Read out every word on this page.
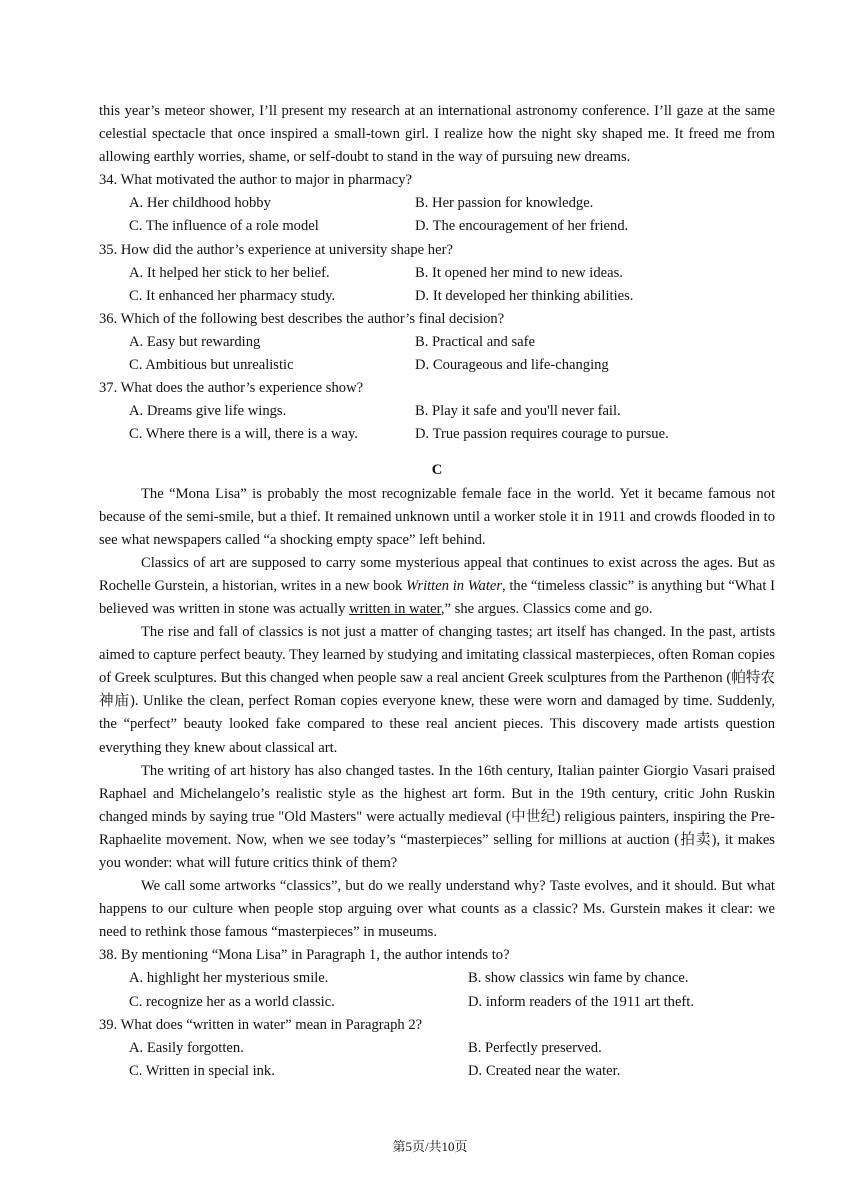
this year’s meteor shower, I’ll present my research at an international astronomy conference. I’ll gaze at the same celestial spectacle that once inspired a small-town girl. I realize how the night sky shaped me. It freed me from allowing earthly worries, shame, or self-doubt to stand in the way of pursuing new dreams.

34. What motivated the author to major in pharmacy?

A. Her childhood hobby	B. Her passion for knowledge.
C. The influence of a role model	D. The encouragement of her friend.

35. How did the author’s experience at university shape her?

A. It helped her stick to her belief.	B. It opened her mind to new ideas.
C. It enhanced her pharmacy study.	D. It developed her thinking abilities.

36. Which of the following best describes the author’s final decision?

A. Easy but rewarding	B. Practical and safe
C. Ambitious but unrealistic	D. Courageous and life-changing

37. What does the author’s experience show?

A. Dreams give life wings.	B. Play it safe and you'll never fail.
C. Where there is a will, there is a way.	D. True passion requires courage to pursue.

C

The “Mona Lisa” is probably the most recognizable female face in the world. Yet it became famous not because of the semi-smile, but a thief. It remained unknown until a worker stole it in 1911 and crowds flooded in to see what newspapers called “a shocking empty space” left behind.

Classics of art are supposed to carry some mysterious appeal that continues to exist across the ages. But as Rochelle Gurstein, a historian, writes in a new book Written in Water, the “timeless classic” is anything but “What I believed was written in stone was actually written in water,” she argues. Classics come and go.

The rise and fall of classics is not just a matter of changing tastes; art itself has changed. In the past, artists aimed to capture perfect beauty. They learned by studying and imitating classical masterpieces, often Roman copies of Greek sculptures. But this changed when people saw a real ancient Greek sculptures from the Parthenon (帕特农神庙). Unlike the clean, perfect Roman copies everyone knew, these were worn and damaged by time. Suddenly, the “perfect” beauty looked fake compared to these real ancient pieces. This discovery made artists question everything they knew about classical art.

The writing of art history has also changed tastes. In the 16th century, Italian painter Giorgio Vasari praised Raphael and Michelangelo’s realistic style as the highest art form. But in the 19th century, critic John Ruskin changed minds by saying true "Old Masters" were actually medieval (中世纪) religious painters, inspiring the Pre-Raphaelite movement. Now, when we see today’s “masterpieces” selling for millions at auction (拍卖), it makes you wonder: what will future critics think of them?

We call some artworks “classics”, but do we really understand why? Taste evolves, and it should. But what happens to our culture when people stop arguing over what counts as a classic? Ms. Gurstein makes it clear: we need to rethink those famous “masterpieces” in museums.

38. By mentioning “Mona Lisa” in Paragraph 1, the author intends to?

A. highlight her mysterious smile.	B. show classics win fame by chance.
C. recognize her as a world classic.	D. inform readers of the 1911 art theft.

39. What does “written in water” mean in Paragraph 2?

A. Easily forgotten.	B. Perfectly preserved.
C. Written in special ink.	D. Created near the water.
第5页/共10页
